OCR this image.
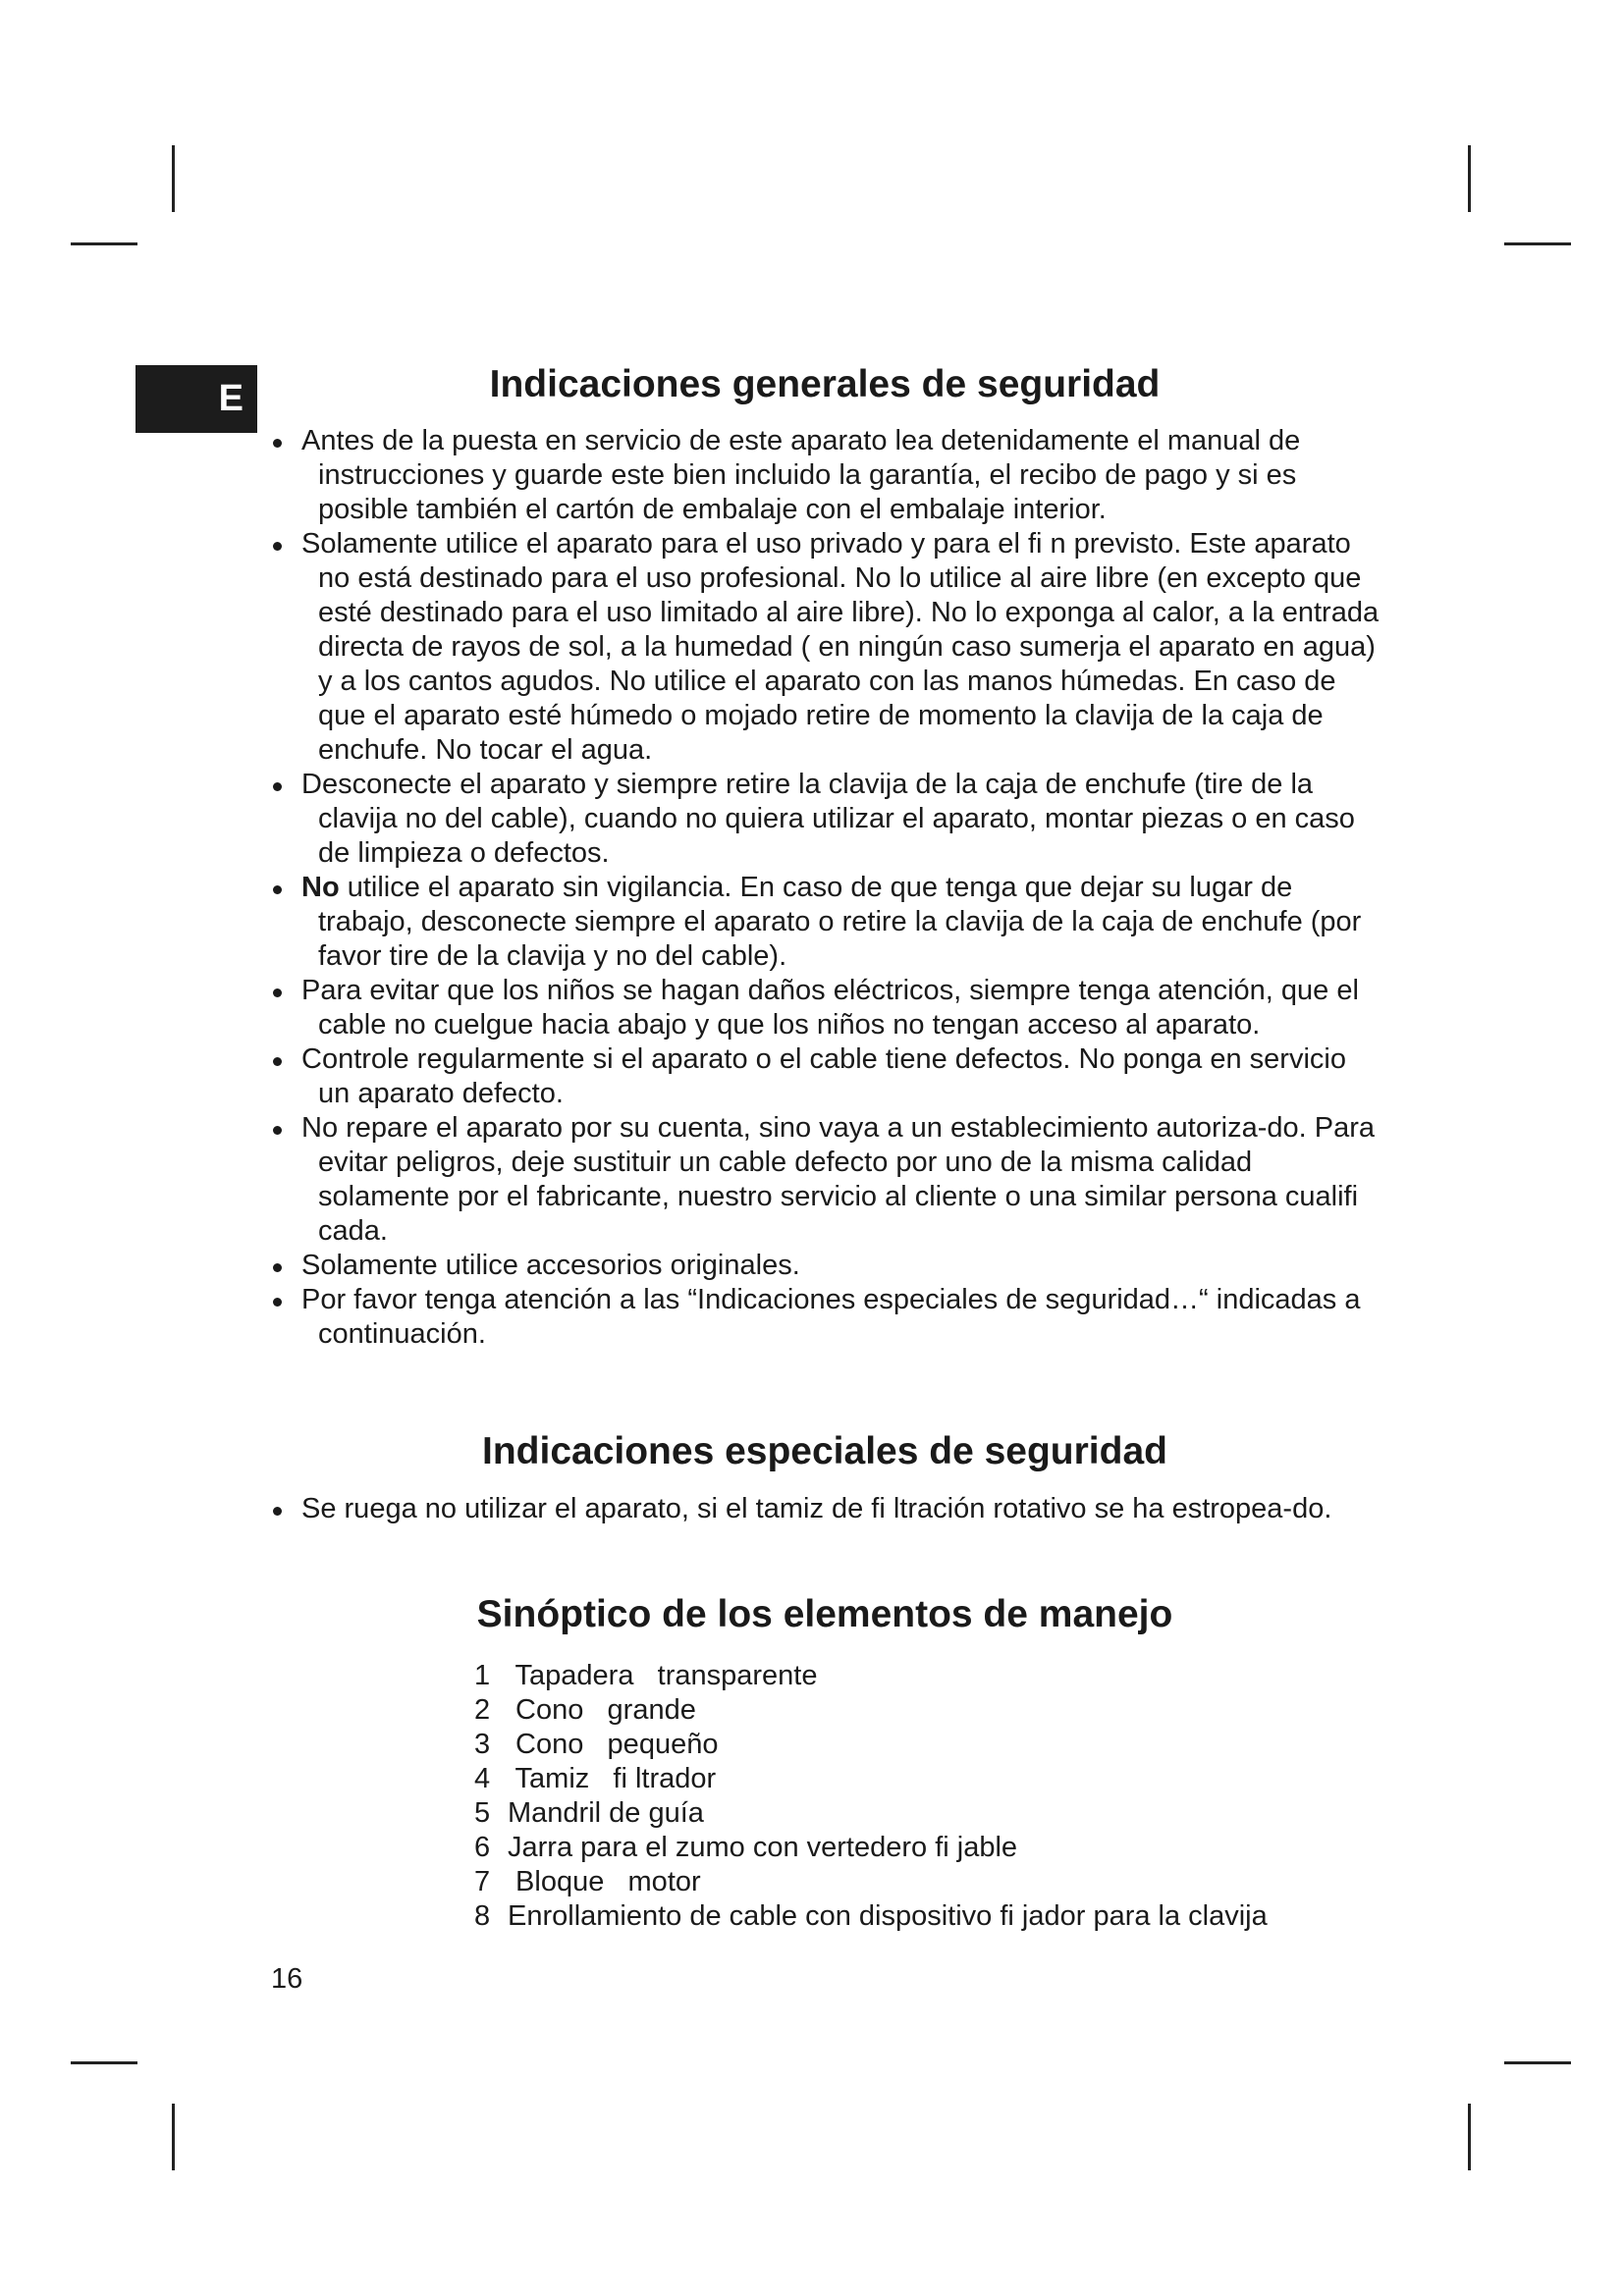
E	Indicaciones generales de seguridad
Antes de la puesta en servicio de este aparato lea detenidamente el manual de instrucciones y guarde este bien incluido la garantía, el recibo de pago y si es posible también el cartón de embalaje con el embalaje interior.
Solamente utilice el aparato para el uso privado y para el fi n previsto. Este aparato no está destinado para el uso profesional. No lo utilice al aire libre (en excepto que esté destinado para el uso limitado al aire libre). No lo exponga al calor, a la entrada directa de rayos de sol, a la humedad ( en ningún caso sumerja el aparato en agua) y a los cantos agudos. No utilice el aparato con las manos húmedas. En caso de que el aparato esté húmedo o mojado retire de momento la clavija de la caja de enchufe. No tocar el agua.
Desconecte el aparato y siempre retire la clavija de la caja de enchufe (tire de la clavija no del cable), cuando no quiera utilizar el aparato, montar piezas o en caso de limpieza o defectos.
No utilice el aparato sin vigilancia. En caso de que tenga que dejar su lugar de trabajo, desconecte siempre el aparato o retire la clavija de la caja de enchufe (por favor tire de la clavija y no del cable).
Para evitar que los niños se hagan daños eléctricos, siempre tenga atención, que el cable no cuelgue hacia abajo y que los niños no tengan acceso al aparato.
Controle regularmente si el aparato o el cable tiene defectos. No ponga en servicio un aparato defecto.
No repare el aparato por su cuenta, sino vaya a un establecimiento autoriza-do. Para evitar peligros, deje sustituir un cable defecto por uno de la misma calidad solamente por el fabricante, nuestro servicio al cliente o una similar persona cualifi cada.
Solamente utilice accesorios originales.
Por favor tenga atención a las “Indicaciones especiales de seguridad…“ indicadas a continuación.
Indicaciones especiales de seguridad
Se ruega no utilizar el aparato, si el tamiz de fi ltración rotativo se ha estropea-do.
Sinóptico de los elementos de manejo
1 Tapadera   transparente
2 Cono   grande
3 Cono   pequeño
4 Tamiz   fi ltrador
5 Mandril de guía
6 Jarra para el zumo con vertedero fi jable
7 Bloque   motor
8 Enrollamiento de cable con dispositivo fi jador para la clavija
16
